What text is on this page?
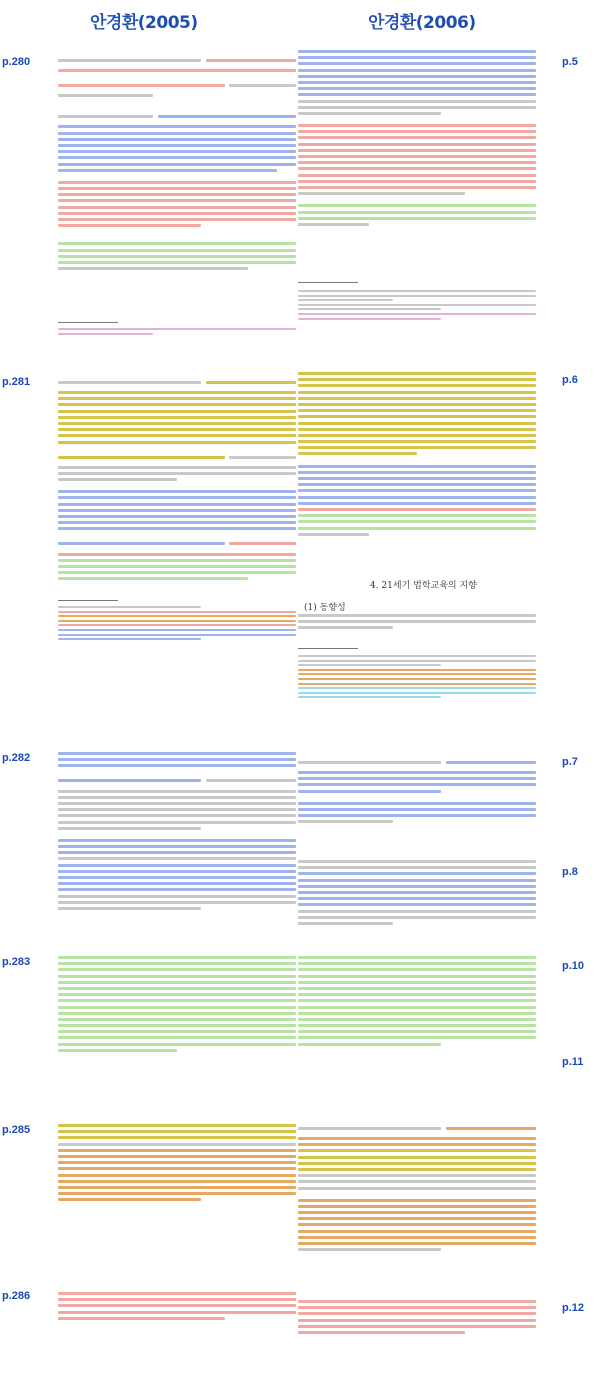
안경환(2005)	안경환(2006)
p.280
p.281
p.282
p.283
p.285
p.286
p.5
p.6
p.7
p.8
p.10
p.11
p.12
4. 21세기 법학교육의 지향
(1) 동향성
